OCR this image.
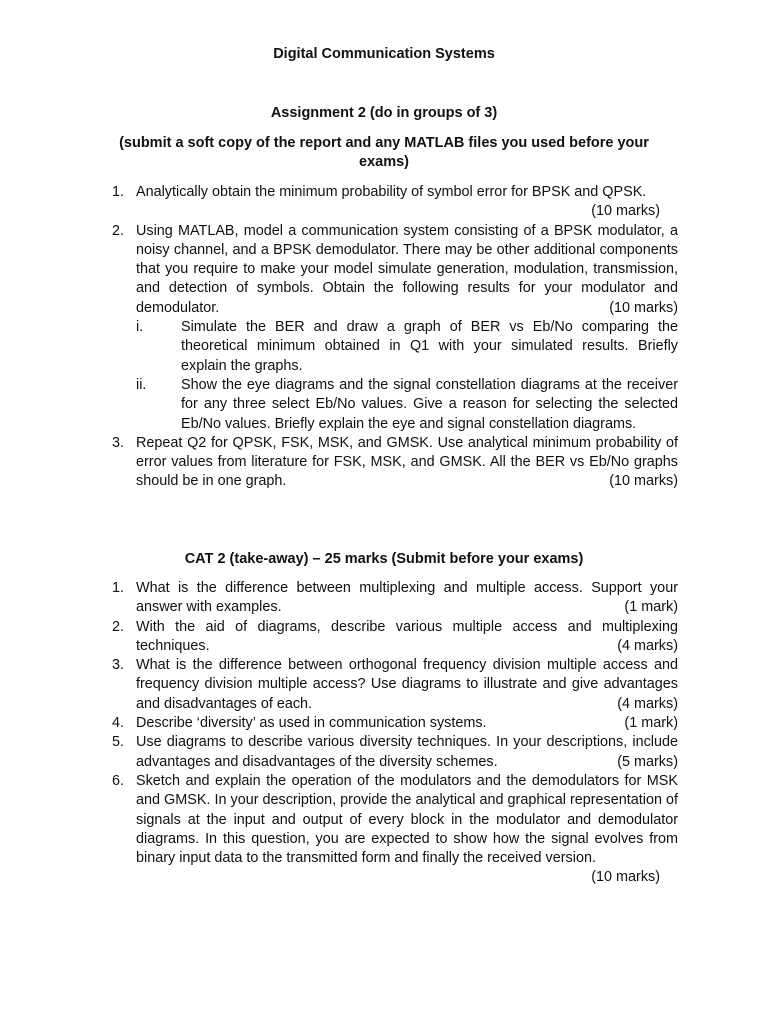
Digital Communication Systems
Assignment 2 (do in groups of 3)
(submit a soft copy of the report and any MATLAB files you used before your exams)
1. Analytically obtain the minimum probability of symbol error for BPSK and QPSK.
(10 marks)
2.
(10 marks)
Using MATLAB, model a communication system consisting of a BPSK modulator, a noisy channel, and a BPSK demodulator. There may be other additional components that you require to make your model simulate generation, modulation, transmission, and detection of symbols. Obtain the following results for your modulator and demodulator.
i.	Simulate the BER and draw a graph of BER vs Eb/No comparing the theoretical minimum obtained in Q1 with your simulated results. Briefly explain the graphs.
ii. Show the eye diagrams and the signal constellation diagrams at the receiver for any three select Eb/No values. Give a reason for selecting the selected Eb/No values. Briefly explain the eye and signal constellation diagrams.
3.
(10 marks)
Repeat Q2 for QPSK, FSK, MSK, and GMSK. Use analytical minimum probability of error values from literature for FSK, MSK, and GMSK. All the BER vs Eb/No graphs should be in one graph.
CAT 2 (take-away) – 25 marks (Submit before your exams)
1.
(1 mark)
What is the difference between multiplexing and multiple access. Support your answer with examples.
2.
(4 marks)
With the aid of diagrams, describe various multiple access and multiplexing techniques.
3.
(4 marks)
What is the difference between orthogonal frequency division multiple access and frequency division multiple access? Use diagrams to illustrate and give advantages and disadvantages of each.
4.	(1 mark)
Describe ‘diversity’ as used in communication systems.
5.
(5 marks)
Use diagrams to describe various diversity techniques. In your descriptions, include advantages and disadvantages of the diversity schemes.
6. Sketch and explain the operation of the modulators and the demodulators for MSK and GMSK. In your description, provide the analytical and graphical representation of signals at the input and output of every block in the modulator and demodulator diagrams. In this question, you are expected to show how the signal evolves from binary input data to the transmitted form and finally the received version.
(10 marks)
